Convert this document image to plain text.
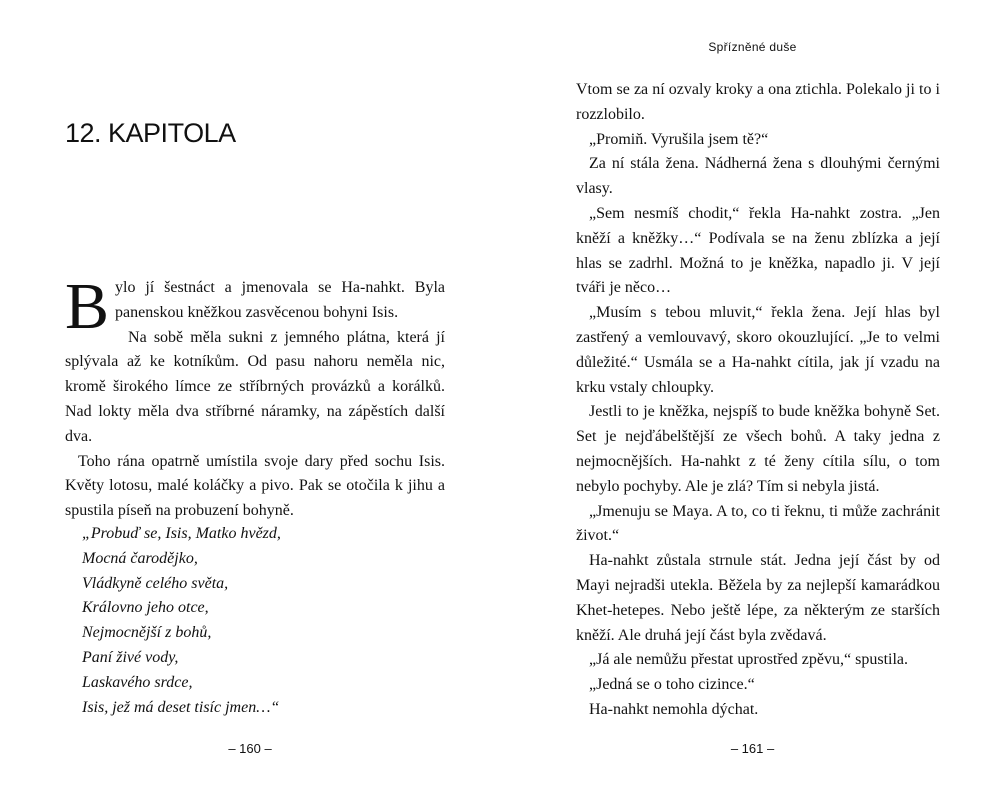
12. KAPITOLA

Bylo jí šestnáct a jmenovala se Ha-nahkt. Byla panenskou kněžkou zasvěcenou bohyni Isis.

Na sobě měla sukni z jemného plátna, která jí splývala až ke kotníkům. Od pasu nahoru neměla nic, kromě širokého límce ze stříbrných provázků a korálků. Nad lokty měla dva stříbrné náramky, na zápěstích další dva.

Toho rána opatrně umístila svoje dary před sochu Isis. Květy lotosu, malé koláčky a pivo. Pak se otočila k jihu a spustila píseň na probuzení bohyně.

„Probuď se, Isis, Matko hvězd,
Mocná čarodějko,
Vládkyně celého světa,
Královno jeho otce,
Nejmocnější z bohů,
Paní živé vody,
Laskavého srdce,
Isis, jež má deset tisíc jmen…“
– 160 –
Spřízněné duše

Vtom se za ní ozvaly kroky a ona ztichla. Polekalo ji to i rozzlobilo.

„Promiň. Vyrušila jsem tě?“

Za ní stála žena. Nádherná žena s dlouhými černými vlasy.

„Sem nesmíš chodit,“ řekla Ha-nahkt zostra. „Jen kněží a kněžky…“ Podívala se na ženu zblízka a její hlas se zadrhl. Možná to je kněžka, napadlo ji. V její tváři je něco…

„Musím s tebou mluvit,“ řekla žena. Její hlas byl zastřený a vemlouvavý, skoro okouzlující. „Je to velmi důležité.“ Usmála se a Ha-nahkt cítila, jak jí vzadu na krku vstaly chloupky.

Jestli to je kněžka, nejspíš to bude kněžka bohyně Set. Set je nejďábelštější ze všech bohů. A taky jedna z nejmocnějších. Ha-nahkt z té ženy cítila sílu, o tom nebylo pochyby. Ale je zlá? Tím si nebyla jistá.

„Jmenuju se Maya. A to, co ti řeknu, ti může zachránit život.“

Ha-nahkt zůstala strnule stát. Jedna její část by od Mayi nejradši utekla. Běžela by za nejlepší kamarádkou Khet-hetepes. Nebo ještě lépe, za některým ze starších kněží. Ale druhá její část byla zvědavá.

„Já ale nemůžu přestat uprostřed zpěvu,“ spustila.

„Jedná se o toho cizince.“

Ha-nahkt nemohla dýchat.

– 161 –
